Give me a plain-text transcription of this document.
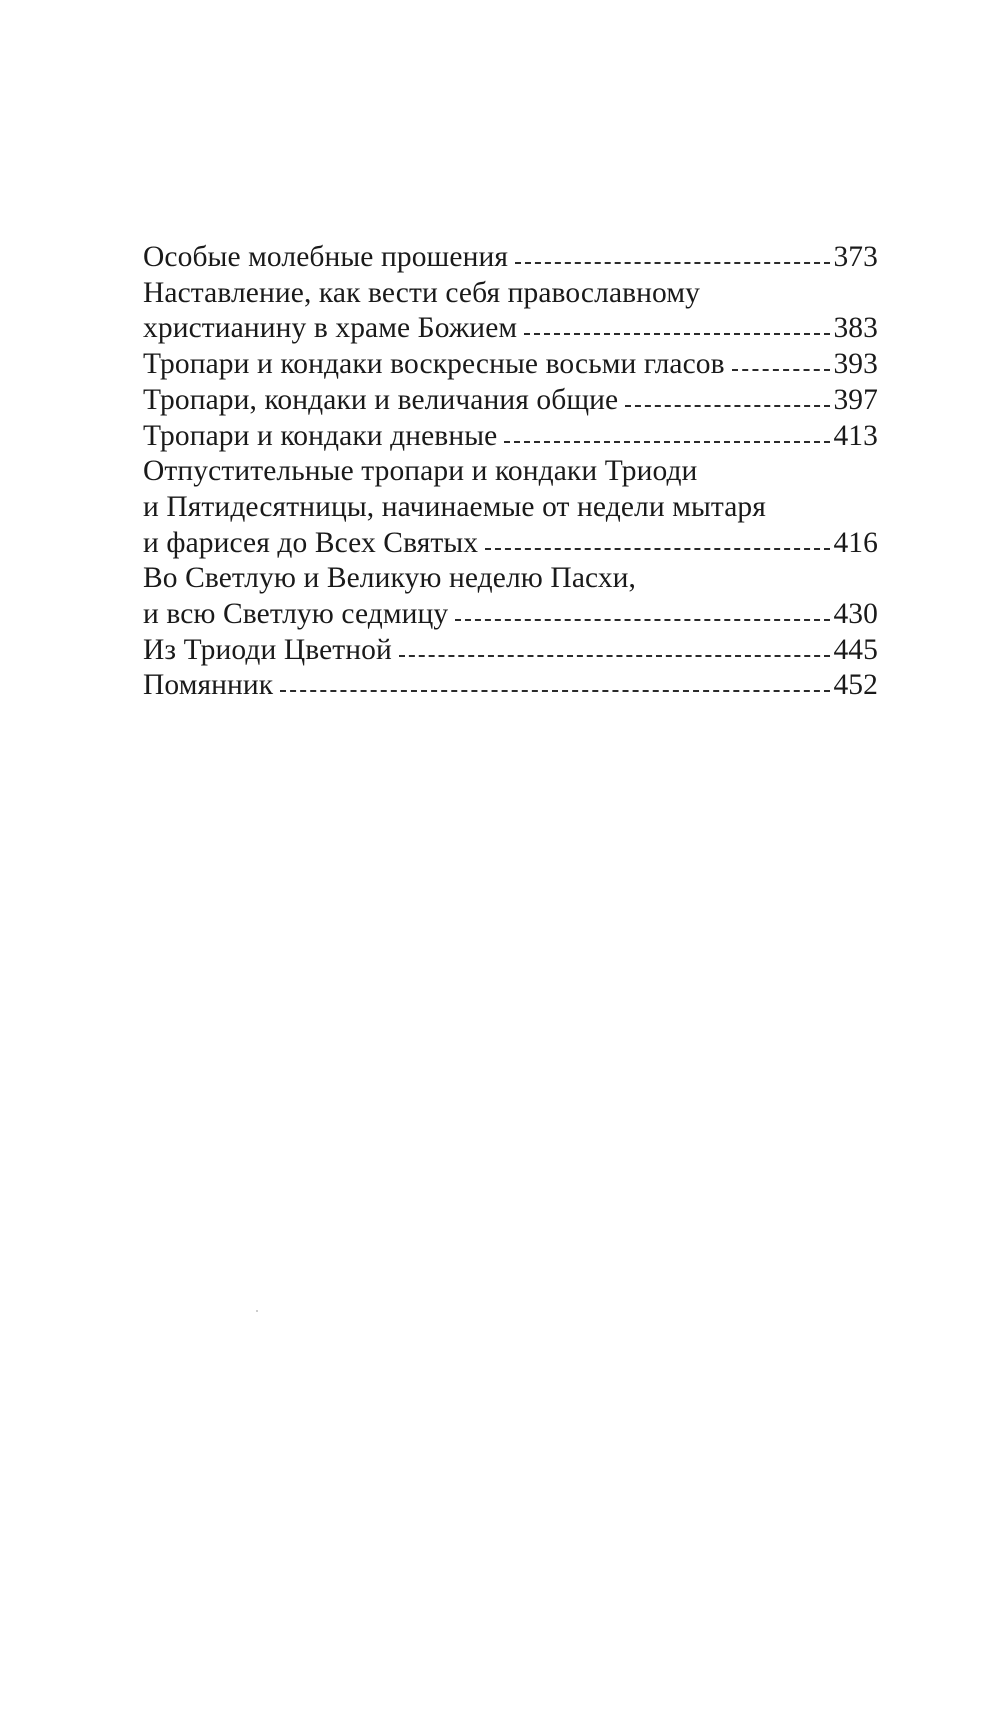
Особые молебные прошения	373
Наставление, как вести себя православному
христианину в храме Божием	383
Тропари и кондаки воскресные восьми гласов	393
Тропари, кондаки и величания общие	397
Тропари и кондаки дневные	413
Отпустительные тропари и кондаки Триоди
и Пятидесятницы, начинаемые от недели мытаря
и фарисея до Всех Святых	416
Во Светлую и Великую неделю Пасхи,
и всю Светлую седмицу	430
Из Триоди Цветной	445
Помянник	452
